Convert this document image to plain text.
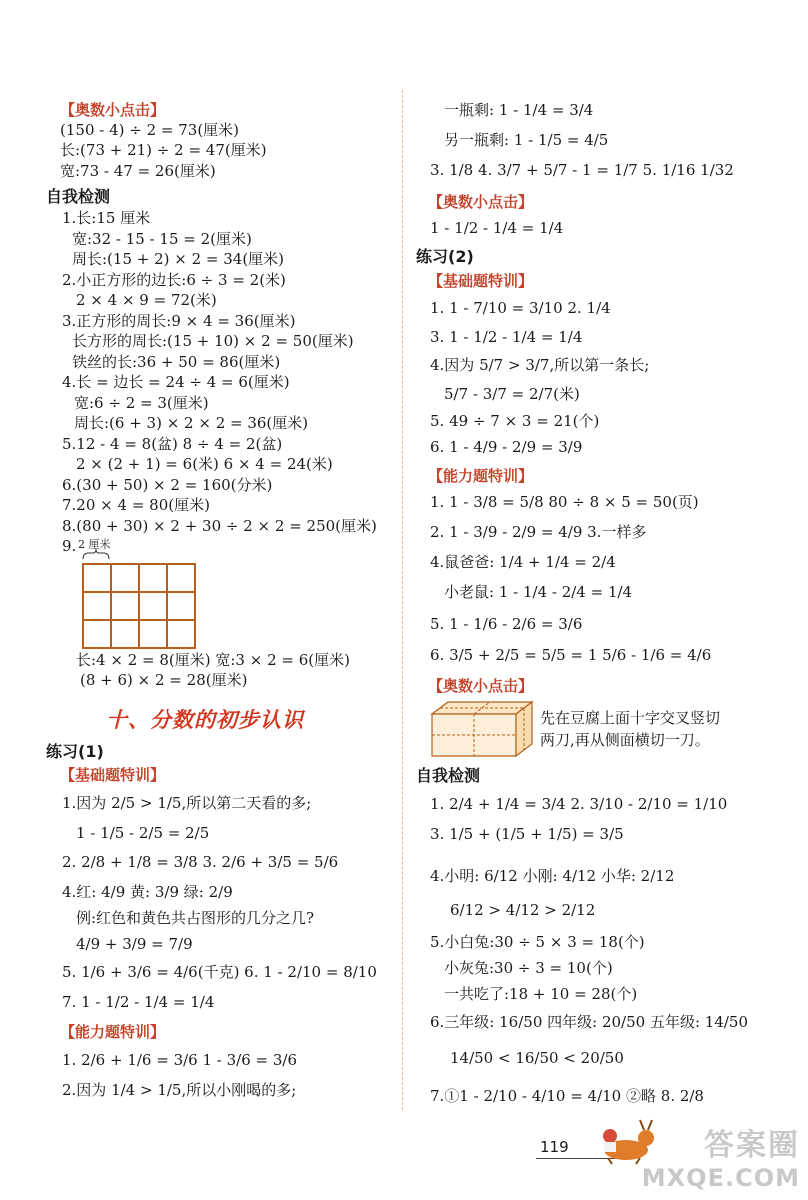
【奥数小点击】
(150 - 4) ÷ 2 = 73(厘米)
长:(73 + 21) ÷ 2 = 47(厘米)
宽:73 - 47 = 26(厘米)
自我检测
1.长:15 厘米
宽:32 - 15 - 15 = 2(厘米)
周长:(15 + 2) × 2 = 34(厘米)
2.小正方形的边长:6 ÷ 3 = 2(米)
2 × 4 × 9 = 72(米)
3.正方形的周长:9 × 4 = 36(厘米)
长方形的周长:(15 + 10) × 2 = 50(厘米)
铁丝的长:36 + 50 = 86(厘米)
4.长 = 边长 = 24 ÷ 4 = 6(厘米)
宽:6 ÷ 2 = 3(厘米)
周长:(6 + 3) × 2 × 2 = 36(厘米)
5.12 - 4 = 8(盆) 8 ÷ 4 = 2(盆)
2 × (2 + 1) = 6(米) 6 × 4 = 24(米)
6.(30 + 50) × 2 = 160(分米)
7.20 × 4 = 80(厘米)
8.(80 + 30) × 2 + 30 ÷ 2 × 2 = 250(厘米)
9. 2 厘米
长:4 × 2 = 8(厘米) 宽:3 × 2 = 6(厘米)
(8 + 6) × 2 = 28(厘米)
十、分数的初步认识
练习(1)
【基础题特训】
1.因为 2/5 > 1/5,所以第二天看的多;
1 - 1/5 - 2/5 = 2/5
2. 2/8 + 1/8 = 3/8 3. 2/6 + 3/5 = 5/6
4.红: 4/9 黄: 3/9 绿: 2/9
例:红色和黄色共占图形的几分之几?
4/9 + 3/9 = 7/9
5. 1/6 + 3/6 = 4/6(千克) 6. 1 - 2/10 = 8/10
7. 1 - 1/2 - 1/4 = 1/4
【能力题特训】
1. 2/6 + 1/6 = 3/6 1 - 3/6 = 3/6
2.因为 1/4 > 1/5,所以小刚喝的多;
一瓶剩: 1 - 1/4 = 3/4
另一瓶剩: 1 - 1/5 = 4/5
3. 1/8 4. 3/7 + 5/7 - 1 = 1/7 5. 1/16 1/32
【奥数小点击】
1 - 1/2 - 1/4 = 1/4
练习(2)
【基础题特训】
1. 1 - 7/10 = 3/10 2. 1/4
3. 1 - 1/2 - 1/4 = 1/4
4.因为 5/7 > 3/7,所以第一条长;
5/7 - 3/7 = 2/7(米)
5. 49 ÷ 7 × 3 = 21(个)
6. 1 - 4/9 - 2/9 = 3/9
【能力题特训】
1. 1 - 3/8 = 5/8 80 ÷ 8 × 5 = 50(页)
2. 1 - 3/9 - 2/9 = 4/9 3.一样多
4.鼠爸爸: 1/4 + 1/4 = 2/4
小老鼠: 1 - 1/4 - 2/4 = 1/4
5. 1 - 1/6 - 2/6 = 3/6
6. 3/5 + 2/5 = 5/5 = 1 5/6 - 1/6 = 4/6
【奥数小点击】
先在豆腐上面十字交叉竖切
两刀,再从侧面横切一刀。
自我检测
1. 2/4 + 1/4 = 3/4 2. 3/10 - 2/10 = 1/10
3. 1/5 + (1/5 + 1/5) = 3/5
4.小明: 6/12 小刚: 4/12 小华: 2/12
6/12 > 4/12 > 2/12
5.小白兔:30 ÷ 5 × 3 = 18(个)
小灰兔:30 ÷ 3 = 10(个)
一共吃了:18 + 10 = 28(个)
6.三年级: 16/50 四年级: 20/50 五年级: 14/50
14/50 < 16/50 < 20/50
7.①1 - 2/10 - 4/10 = 4/10 ②略 8. 2/8
119	答案圈
MXQE.COM
